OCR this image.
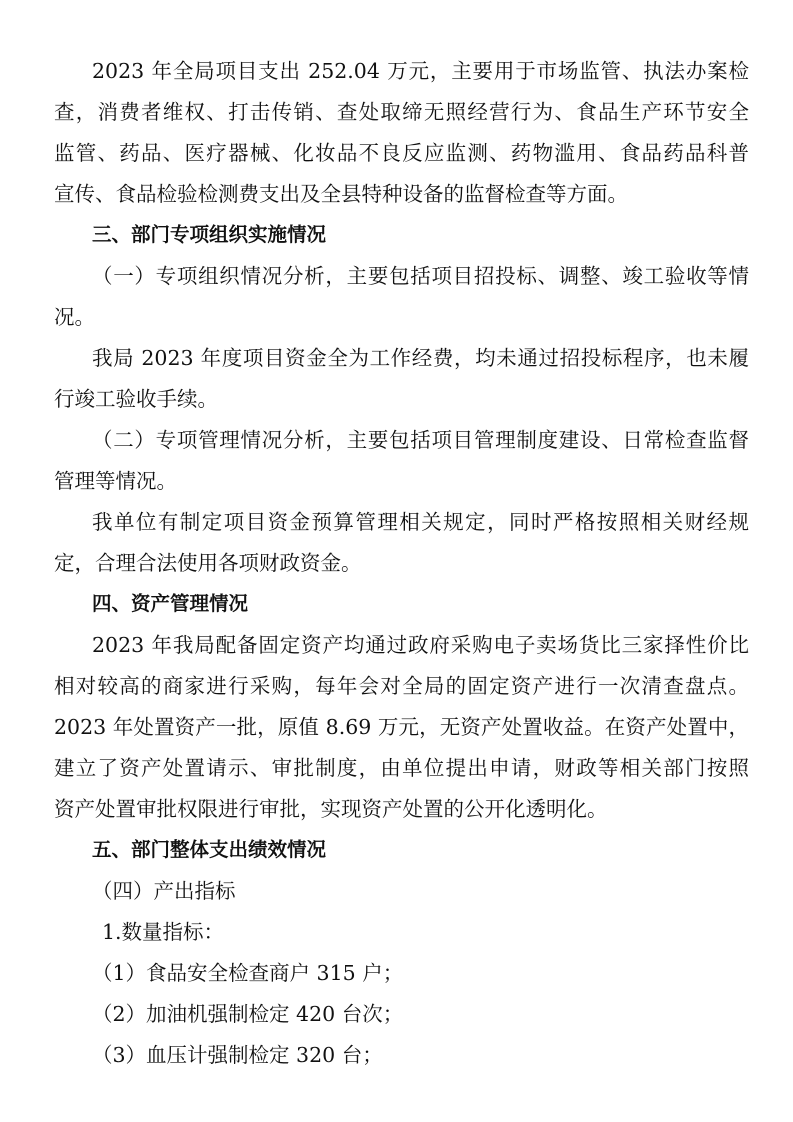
2023 年全局项目支出 252.04 万元，主要用于市场监管、执法办案检
查，消费者维权、打击传销、查处取缔无照经营行为、食品生产环节安全
监管、药品、医疗器械、化妆品不良反应监测、药物滥用、食品药品科普
宣传、食品检验检测费支出及全县特种设备的监督检查等方面。
三、部门专项组织实施情况
（一）专项组织情况分析，主要包括项目招投标、调整、竣工验收等情
况。
我局 2023 年度项目资金全为工作经费，均未通过招投标程序，也未履
行竣工验收手续。
（二）专项管理情况分析，主要包括项目管理制度建设、日常检查监督
管理等情况。
我单位有制定项目资金预算管理相关规定，同时严格按照相关财经规
定，合理合法使用各项财政资金。
四、资产管理情况
2023 年我局配备固定资产均通过政府采购电子卖场货比三家择性价比
相对较高的商家进行采购，每年会对全局的固定资产进行一次清查盘点。
2023 年处置资产一批，原值 8.69 万元，无资产处置收益。在资产处置中，
建立了资产处置请示、审批制度，由单位提出申请，财政等相关部门按照
资产处置审批权限进行审批，实现资产处置的公开化透明化。
五、部门整体支出绩效情况
（四）产出指标
1.数量指标：
（1）食品安全检查商户 315 户；
（2）加油机强制检定 420 台次；
（3）血压计强制检定 320 台；
